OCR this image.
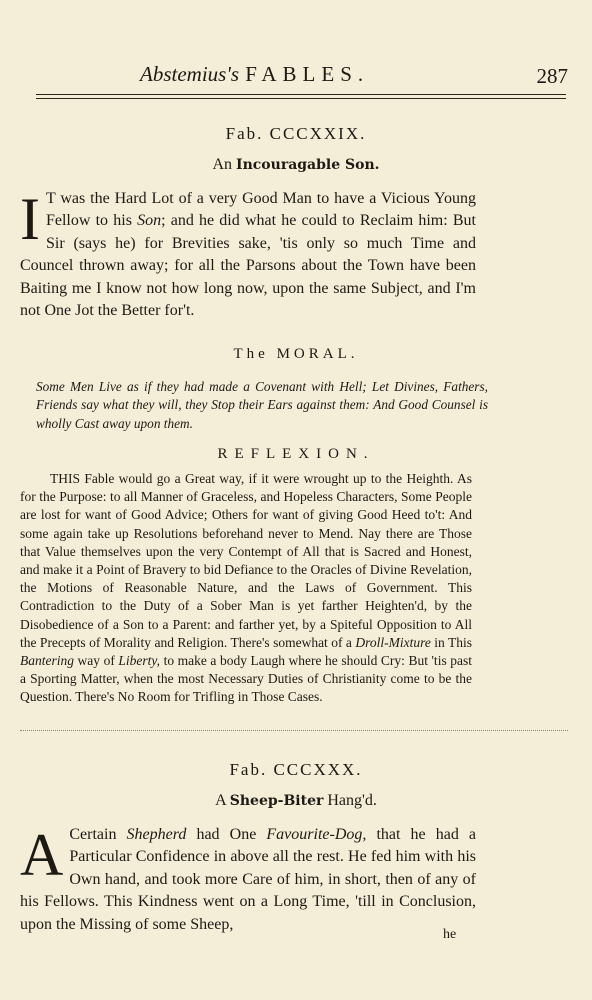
Abstemius's FABLES.	287
Fab. CCCXXIX.
An Incouragable Son.
I T was the Hard Lot of a very Good Man to have a Vicious Young Fellow to his Son; and he did what he could to Reclaim him: But Sir (says he) for Brevities sake, 'tis only so much Time and Councel thrown away; for all the Parsons about the Town have been Baiting me I know not how long now, upon the same Subject, and I'm not One Jot the Better for't.
The MORAL.
Some Men Live as if they had made a Covenant with Hell; Let Divines, Fathers, Friends say what they will, they Stop their Ears against them: And Good Counsel is wholly Cast away upon them.
REFLEXION.
THIS Fable would go a Great way, if it were wrought up to the Heighth. As for the Purpose: to all Manner of Graceless, and Hopeless Characters, Some People are lost for want of Good Advice; Others for want of giving Good Heed to't: And some again take up Resolutions beforehand never to Mend. Nay there are Those that Value themselves upon the very Contempt of All that is Sacred and Honest, and make it a Point of Bravery to bid Defiance to the Oracles of Divine Revelation, the Motions of Reasonable Nature, and the Laws of Government. This Contradiction to the Duty of a Sober Man is yet farther Heighten'd, by the Disobedience of a Son to a Parent: and farther yet, by a Spiteful Opposition to All the Precepts of Morality and Religion. There's somewhat of a Droll-Mixture in This Bantering way of Liberty, to make a body Laugh where he should Cry: But 'tis past a Sporting Matter, when the most Necessary Duties of Christianity come to be the Question. There's No Room for Trifling in Those Cases.
Fab. CCCXXX.
A Sheep-Biter Hang'd.
A Certain Shepherd had One Favourite-Dog, that he had a Particular Confidence in above all the rest. He fed him with his Own hand, and took more Care of him, in short, then of any of his Fellows. This Kindness went on a Long Time, 'till in Conclusion, upon the Missing of some Sheep,
he
